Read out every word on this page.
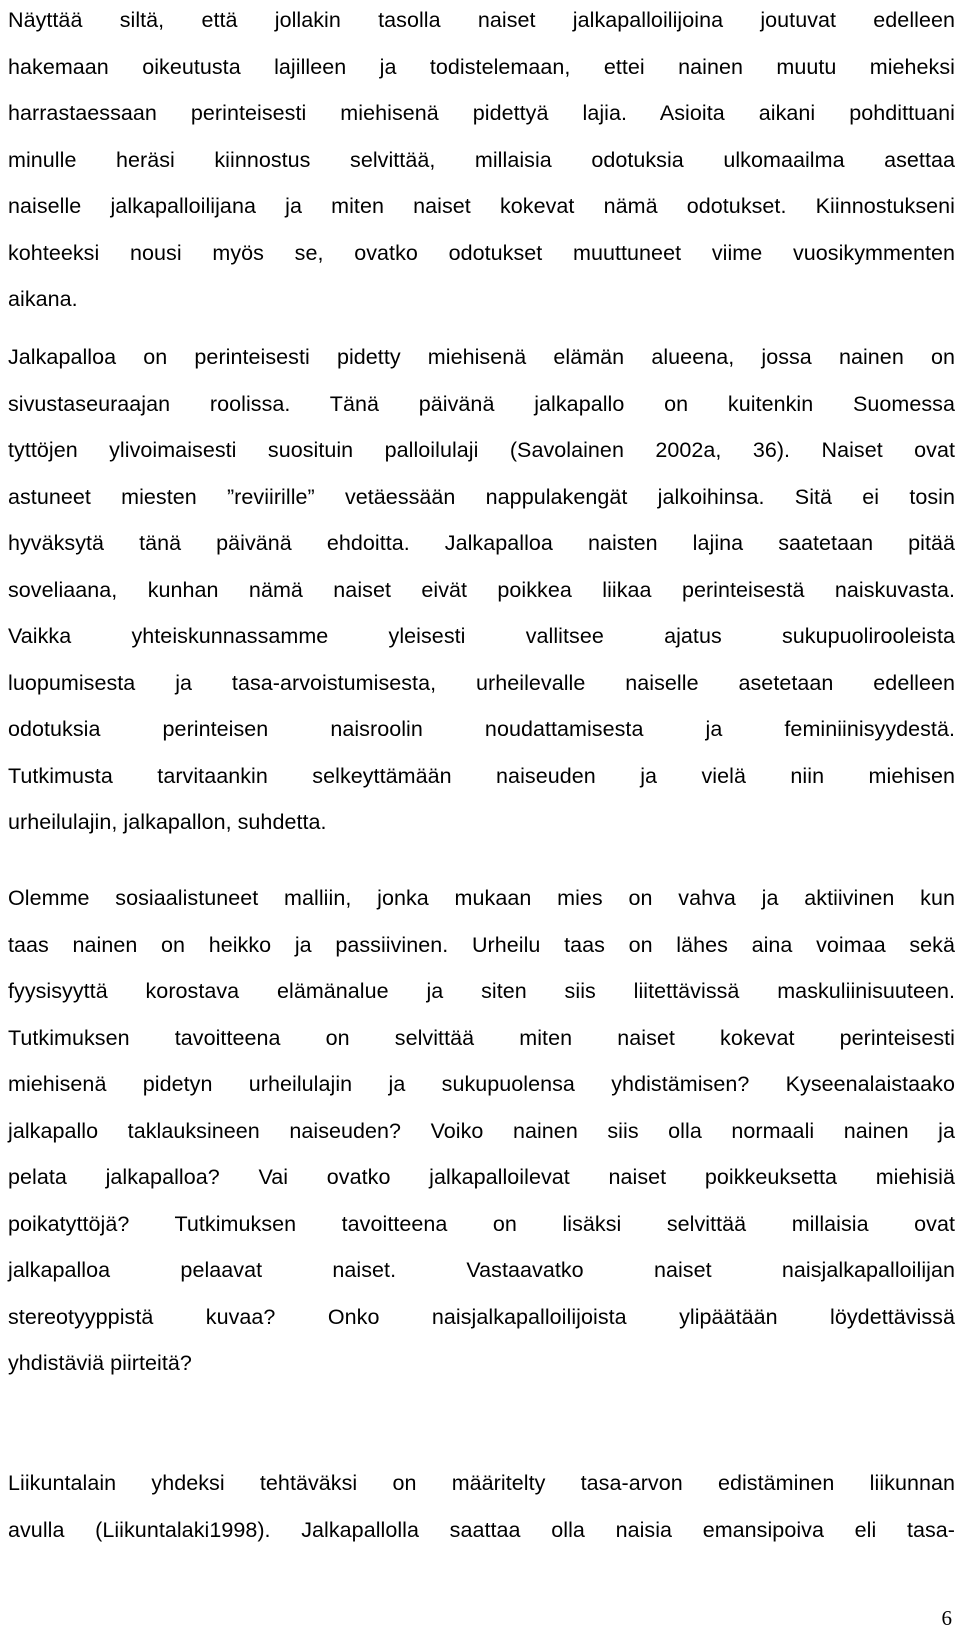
Näyttää siltä, että jollakin tasolla naiset jalkapalloilijoina joutuvat edelleen
hakemaan oikeutusta lajilleen ja todistelemaan, ettei nainen muutu mieheksi
harrastaessaan perinteisesti miehisenä pidettyä lajia. Asioita aikani pohdittuani
minulle heräsi kiinnostus selvittää, millaisia odotuksia ulkomaailma asettaa
naiselle jalkapalloilijana ja miten naiset kokevat nämä odotukset. Kiinnostukseni
kohteeksi nousi myös se, ovatko odotukset muuttuneet viime vuosikymmenten
aikana.
Jalkapalloa on perinteisesti pidetty miehisenä elämän alueena, jossa nainen on
sivustaseuraajan roolissa. Tänä päivänä jalkapallo on kuitenkin Suomessa
tyttöjen ylivoimaisesti suosituin palloilulaji (Savolainen 2002a, 36). Naiset ovat
astuneet miesten ”reviirille” vetäessään nappulakengät jalkoihinsa. Sitä ei tosin
hyväksytä tänä päivänä ehdoitta. Jalkapalloa naisten lajina saatetaan pitää
soveliaana, kunhan nämä naiset eivät poikkea liikaa perinteisestä naiskuvasta.
Vaikka yhteiskunnassamme yleisesti vallitsee ajatus sukupuolirooleista
luopumisesta ja tasa-arvoistumisesta, urheilevalle naiselle asetetaan edelleen
odotuksia perinteisen naisroolin noudattamisesta ja feminiinisyydestä.
Tutkimusta tarvitaankin selkeyttämään naiseuden ja vielä niin miehisen
urheilulajin, jalkapallon, suhdetta.
Olemme sosiaalistuneet malliin, jonka mukaan mies on vahva ja aktiivinen kun
taas nainen on heikko ja passiivinen. Urheilu taas on lähes aina voimaa sekä
fyysisyyttä korostava elämänalue ja siten siis liitettävissä maskuliinisuuteen.
Tutkimuksen tavoitteena on selvittää miten naiset kokevat perinteisesti
miehisenä pidetyn urheilulajin ja sukupuolensa yhdistämisen? Kyseenalaistaako
jalkapallo taklauksineen naiseuden? Voiko nainen siis olla normaali nainen ja
pelata jalkapalloa? Vai ovatko jalkapalloilevat naiset poikkeuksetta miehisiä
poikatyttöjä? Tutkimuksen tavoitteena on lisäksi selvittää millaisia ovat
jalkapalloa pelaavat naiset. Vastaavatko naiset naisjalkapalloilijan
stereotyyppistä kuvaa? Onko naisjalkapalloilijoista ylipäätään löydettävissä
yhdistäviä piirteitä?
Liikuntalain yhdeksi tehtäväksi on määritelty tasa-arvon edistäminen liikunnan
avulla (Liikuntalaki1998). Jalkapallolla saattaa olla naisia emansipoiva eli tasa-
6
